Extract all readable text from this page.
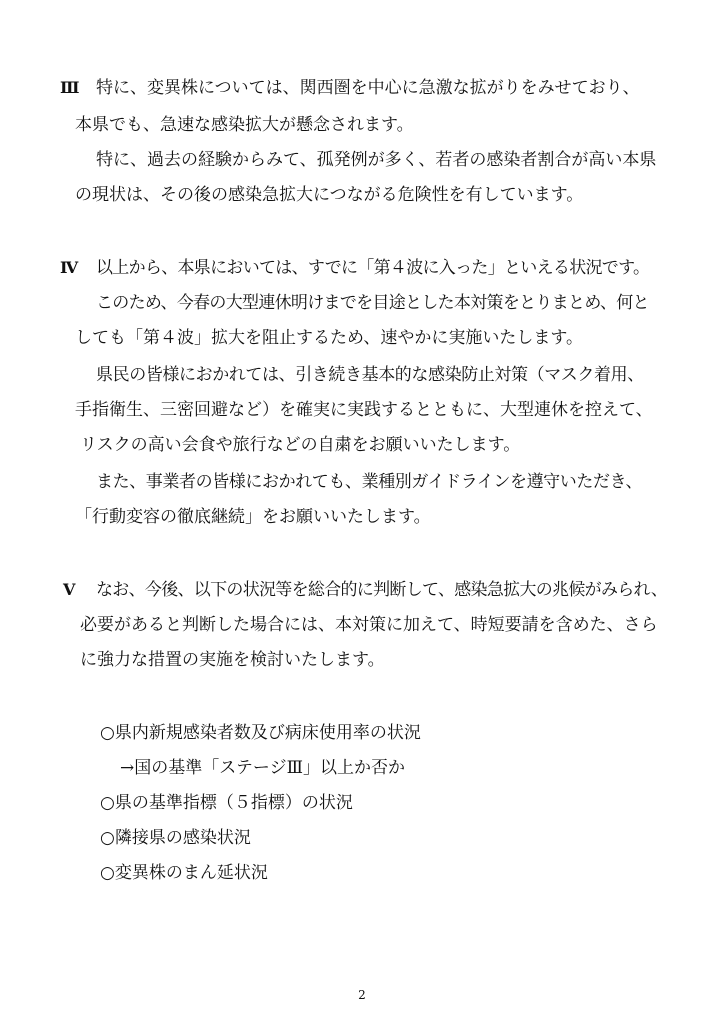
Ⅲ 特に、変異株については、関西圏を中心に急激な拡がりをみせており、
本県でも、急速な感染拡大が懸念されます。
特に、過去の経験からみて、孤発例が多く、若者の感染者割合が高い本県
の現状は、その後の感染急拡大につながる危険性を有しています。
Ⅳ 以上から、本県においては、すでに「第４波に入った」といえる状況です。
このため、今春の大型連休明けまでを目途とした本対策をとりまとめ、何と
しても「第４波」拡大を阻止するため、速やかに実施いたします。
県民の皆様におかれては、引き続き基本的な感染防止対策（マスク着用、
手指衛生、三密回避など）を確実に実践するとともに、大型連休を控えて、
リスクの高い会食や旅行などの自粛をお願いいたします。
また、事業者の皆様におかれても、業種別ガイドラインを遵守いただき、
「行動変容の徹底継続」をお願いいたします。
Ⅴ なお、今後、以下の状況等を総合的に判断して、感染急拡大の兆候がみられ、
必要があると判断した場合には、本対策に加えて、時短要請を含めた、さら
に強力な措置の実施を検討いたします。
○県内新規感染者数及び病床使用率の状況
→国の基準「ステージⅢ」以上か否か
○県の基準指標（５指標）の状況
○隣接県の感染状況
○変異株のまん延状況
2
